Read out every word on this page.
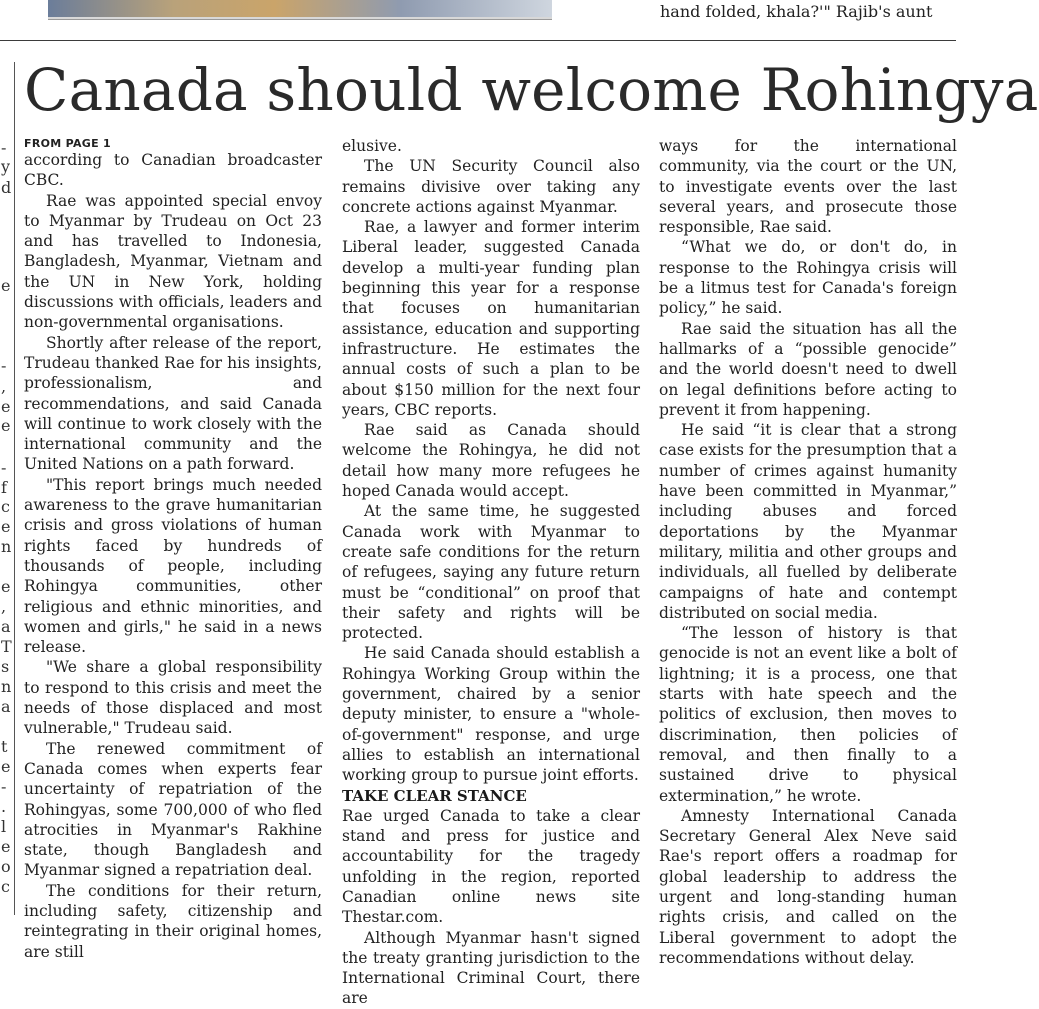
hand folded, khala?'" Rajib's aunt
-
y
d
e
-
,
e
e
-
f
c
e
n
e
,
a
T
s
n
a
t
e
-
.
l
e
o
c
Canada should welcome Rohingya
FROM PAGE 1

according to Canadian broadcaster CBC.

Rae was appointed special envoy to Myanmar by Trudeau on Oct 23 and has travelled to Indonesia, Bangladesh, Myanmar, Vietnam and the UN in New York, holding discussions with officials, leaders and non-governmental organisations.

Shortly after release of the report, Trudeau thanked Rae for his insights, professionalism, and recommendations, and said Canada will continue to work closely with the international community and the United Nations on a path forward.

"This report brings much needed awareness to the grave humanitarian crisis and gross violations of human rights faced by hundreds of thousands of people, including Rohingya communities, other religious and ethnic minorities, and women and girls," he said in a news release.

"We share a global responsibility to respond to this crisis and meet the needs of those displaced and most vulnerable," Trudeau said.

The renewed commitment of Canada comes when experts fear uncertainty of repatriation of the Rohingyas, some 700,000 of who fled atrocities in Myanmar's Rakhine state, though Bangladesh and Myanmar signed a repatriation deal.

The conditions for their return, including safety, citizenship and reintegrating in their original homes, are still

elusive.

The UN Security Council also remains divisive over taking any concrete actions against Myanmar.

Rae, a lawyer and former interim Liberal leader, suggested Canada develop a multi-year funding plan beginning this year for a response that focuses on humanitarian assistance, education and supporting infrastructure. He estimates the annual costs of such a plan to be about $150 million for the next four years, CBC reports.

Rae said as Canada should welcome the Rohingya, he did not detail how many more refugees he hoped Canada would accept.

At the same time, he suggested Canada work with Myanmar to create safe conditions for the return of refugees, saying any future return must be “conditional” on proof that their safety and rights will be protected.

He said Canada should establish a Rohingya Working Group within the government, chaired by a senior deputy minister, to ensure a "whole-of-government" response, and urge allies to establish an international working group to pursue joint efforts.

TAKE CLEAR STANCE

Rae urged Canada to take a clear stand and press for justice and accountability for the tragedy unfolding in the region, reported Canadian online news site Thestar.com.

Although Myanmar hasn't signed the treaty granting jurisdiction to the International Criminal Court, there are

ways for the international community, via the court or the UN, to investigate events over the last several years, and prosecute those responsible, Rae said.

“What we do, or don't do, in response to the Rohingya crisis will be a litmus test for Canada's foreign policy,” he said.

Rae said the situation has all the hallmarks of a “possible genocide” and the world doesn't need to dwell on legal definitions before acting to prevent it from happening.

He said “it is clear that a strong case exists for the presumption that a number of crimes against humanity have been committed in Myanmar,” including abuses and forced deportations by the Myanmar military, militia and other groups and individuals, all fuelled by deliberate campaigns of hate and contempt distributed on social media.

“The lesson of history is that genocide is not an event like a bolt of lightning; it is a process, one that starts with hate speech and the politics of exclusion, then moves to discrimination, then policies of removal, and then finally to a sustained drive to physical extermination,” he wrote.

Amnesty International Canada Secretary General Alex Neve said Rae's report offers a roadmap for global leadership to address the urgent and long-standing human rights crisis, and called on the Liberal government to adopt the recommendations without delay.
